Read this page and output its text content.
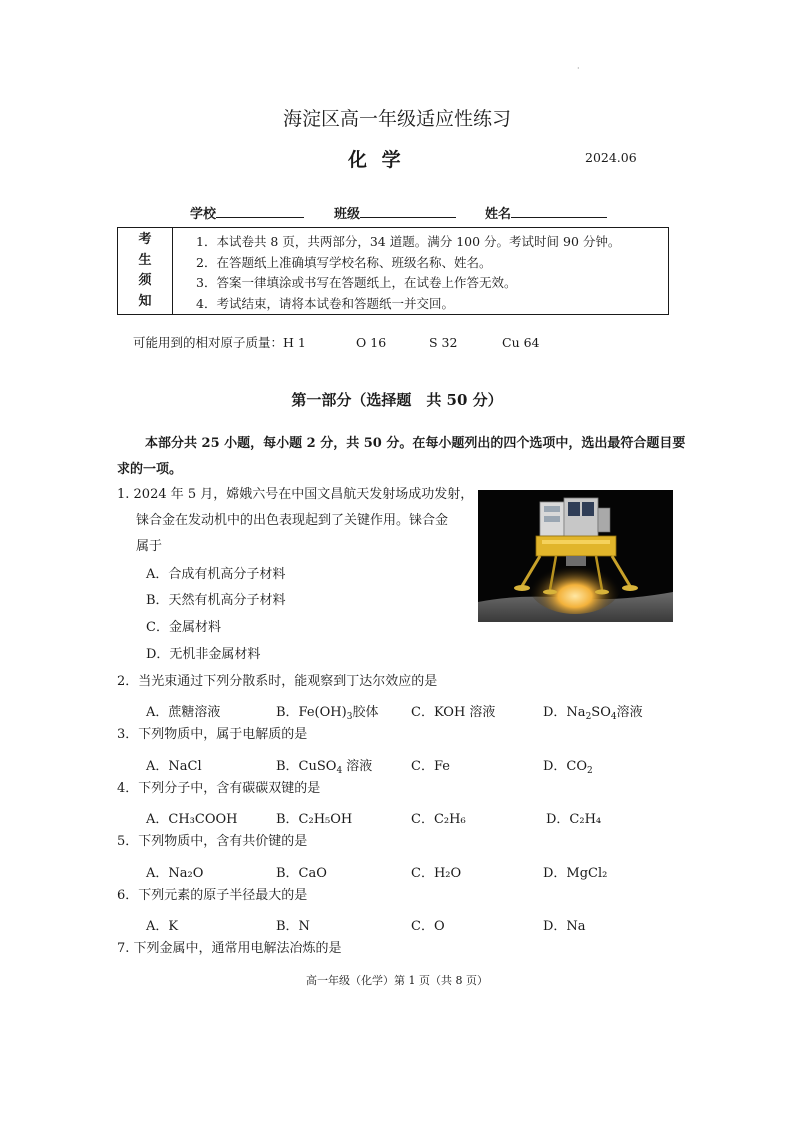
·
海淀区高一年级适应性练习
化 学	2024.06
学校	班级	姓名
考
生
须
知
1．本试卷共 8 页，共两部分，34 道题。满分 100 分。考试时间 90 分钟。
2．在答题纸上准确填写学校名称、班级名称、姓名。
3．答案一律填涂或书写在答题纸上，在试卷上作答无效。
4．考试结束，请将本试卷和答题纸一并交回。
可能用到的相对原子质量：H 1	O 16	S 32	Cu 64
第一部分（选择题　共 50 分）
本部分共 25 小题，每小题 2 分，共 50 分。在每小题列出的四个选项中，选出最符合题目要求的一项。
1. 2024 年 5 月，嫦娥六号在中国文昌航天发射场成功发射，
铼合金在发动机中的出色表现起到了关键作用。铼合金
属于
A．合成有机高分子材料
B．天然有机高分子材料
C．金属材料
D．无机非金属材料
2．当光束通过下列分散系时，能观察到丁达尔效应的是
A．蔗糖溶液	B．$Fe(OH)_3$胶体	C．KOH 溶液	D．$Na_2SO_4$溶液
3．下列物质中，属于电解质的是
A．NaCl	B．CuSO$_4$ 溶液	C．Fe	D．$CO_2$
4．下列分子中，含有碳碳双键的是
A．CH₃COOH	B．C₂H₅OH	C．C₂H₆	D．C₂H₄
5．下列物质中，含有共价键的是
A．Na₂O	B．CaO	C．H₂O	D．MgCl₂
6．下列元素的原子半径最大的是
A．K	B．N	C．O	D．Na
7. 下列金属中，通常用电解法冶炼的是
高一年级（化学）第 1 页（共 8 页）
